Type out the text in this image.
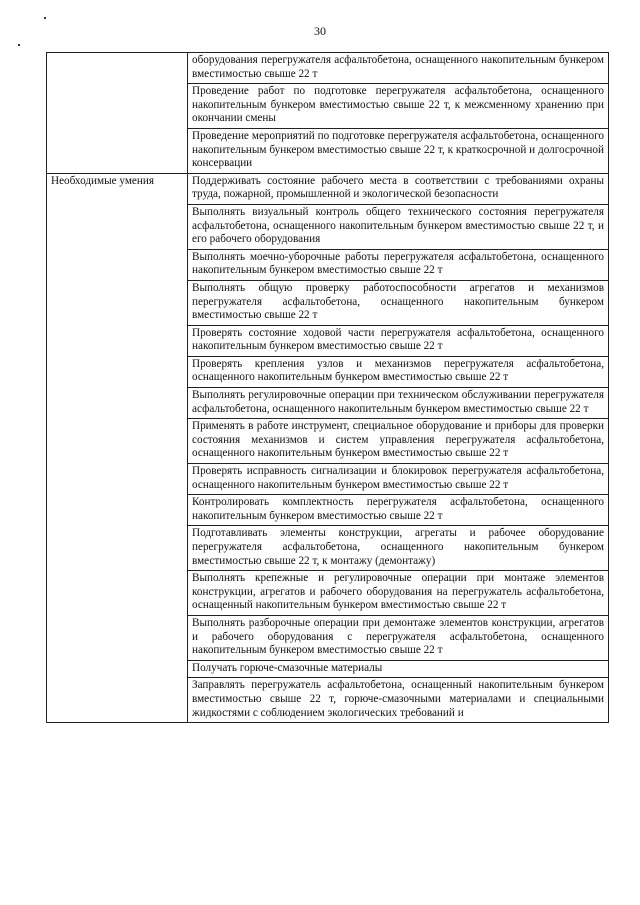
30
	оборудования перегружателя асфальтобетона, оснащенного накопительным бункером вместимостью свыше 22 т
	Проведение работ по подготовке перегружателя асфальтобетона, оснащенного накопительным бункером вместимостью свыше 22 т, к межсменному хранению при окончании смены
	Проведение мероприятий по подготовке перегружателя асфальтобетона, оснащенного накопительным бункером вместимостью свыше 22 т, к краткосрочной и долгосрочной консервации
Необходимые умения	Поддерживать состояние рабочего места в соответствии с требованиями охраны труда, пожарной, промышленной и экологической безопасности
	Выполнять визуальный контроль общего технического состояния перегружателя асфальтобетона, оснащенного накопительным бункером вместимостью свыше 22 т, и его рабочего оборудования
	Выполнять моечно-уборочные работы перегружателя асфальтобетона, оснащенного накопительным бункером вместимостью свыше 22 т
	Выполнять общую проверку работоспособности агрегатов и механизмов перегружателя асфальтобетона, оснащенного накопительным бункером вместимостью свыше 22 т
	Проверять состояние ходовой части перегружателя асфальтобетона, оснащенного накопительным бункером вместимостью свыше 22 т
	Проверять крепления узлов и механизмов перегружателя асфальтобетона, оснащенного накопительным бункером вместимостью свыше 22 т
	Выполнять регулировочные операции при техническом обслуживании перегружателя асфальтобетона, оснащенного накопительным бункером вместимостью свыше 22 т
	Применять в работе инструмент, специальное оборудование и приборы для проверки состояния механизмов и систем управления перегружателя асфальтобетона, оснащенного накопительным бункером вместимостью свыше 22 т
	Проверять исправность сигнализации и блокировок перегружателя асфальтобетона, оснащенного накопительным бункером вместимостью свыше 22 т
	Контролировать комплектность перегружателя асфальтобетона, оснащенного накопительным бункером вместимостью свыше 22 т
	Подготавливать элементы конструкции, агрегаты и рабочее оборудование перегружателя асфальтобетона, оснащенного накопительным бункером вместимостью свыше 22 т, к монтажу (демонтажу)
	Выполнять крепежные и регулировочные операции при монтаже элементов конструкции, агрегатов и рабочего оборудования на перегружатель асфальтобетона, оснащенный накопительным бункером вместимостью свыше 22 т
	Выполнять разборочные операции при демонтаже элементов конструкции, агрегатов и рабочего оборудования с перегружателя асфальтобетона, оснащенного накопительным бункером вместимостью свыше 22 т
	Получать горюче-смазочные материалы
	Заправлять перегружатель асфальтобетона, оснащенный накопительным бункером вместимостью свыше 22 т, горюче-смазочными материалами и специальными жидкостями с соблюдением экологических требований и
